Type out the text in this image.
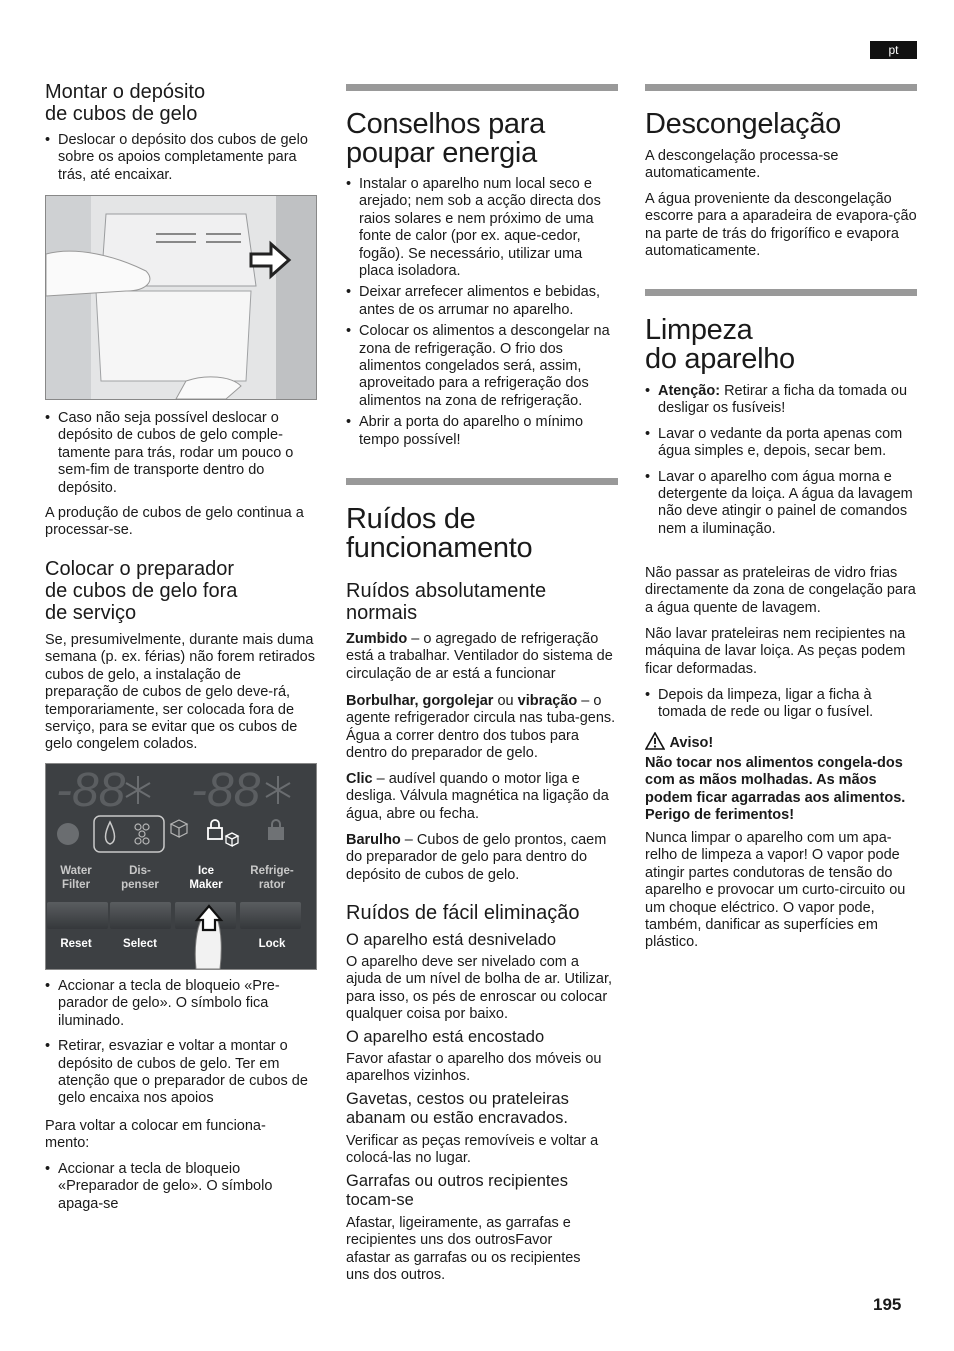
pt
Montar o depósito
de cubos de gelo
• Deslocar o depósito dos cubos de gelo sobre os apoios completamente para trás, até encaixar.
• Caso não seja possível deslocar o depósito de cubos de gelo comple-tamente para trás, rodar um pouco o sem-fim de transporte dentro do depósito.

A produção de cubos de gelo continua a processar-se.

Colocar o preparador
de cubos de gelo fora
de serviço

Se, presumivelmente, durante mais duma semana (p. ex. férias) não forem retirados cubos de gelo, a instalação de preparação de cubos de gelo deve-rá, temporariamente, ser colocada fora de serviço, para se evitar que os cubos de gelo congelem colados.

-88 -88
Water
Filter
Dis-
penser
Ice
Maker
Refrige-
rator
Reset	Select	Lock
• Accionar a tecla de bloqueio «Pre-parador de gelo». O símbolo fica iluminado.
• Retirar, esvaziar e voltar a montar o depósito de cubos de gelo. Ter em atenção que o preparador de cubos de gelo encaixa nos apoios

Para voltar a colocar em funciona-mento:

• Accionar a tecla de bloqueio «Preparador de gelo». O símbolo apaga-se
Conselhos para
poupar energia
• Instalar o aparelho num local seco e arejado; nem sob a acção directa dos raios solares e nem próximo de uma fonte de calor (por ex. aque-cedor, fogão). Se necessário, utilizar uma placa isoladora.
• Deixar arrefecer alimentos e bebidas, antes de os arrumar no aparelho.
• Colocar os alimentos a descongelar na zona de refrigeração. O frio dos alimentos congelados será, assim, aproveitado para a refrigeração dos alimentos na zona de refrigeração.
• Abrir a porta do aparelho o mínimo tempo possível!
Ruídos de
funcionamento
Ruídos absolutamente
normais

Zumbido – o agregado de refrigeração está a trabalhar. Ventilador do sistema de circulação de ar está a funcionar

Borbulhar, gorgolejar ou vibração – o agente refrigerador circula nas tuba-gens. Água a correr dentro dos tubos para dentro do preparador de gelo.

Clic – audível quando o motor liga e desliga. Válvula magnética na ligação da água, abre ou fecha.

Barulho – Cubos de gelo prontos, caem do preparador de gelo para dentro do depósito de cubos de gelo.

Ruídos de fácil eliminação
O aparelho está desnivelado

O aparelho deve ser nivelado com a ajuda de um nível de bolha de ar. Utilizar, para isso, os pés de enroscar ou colocar qualquer coisa por baixo.

O aparelho está encostado

Favor afastar o aparelho dos móveis ou aparelhos vizinhos.

Gavetas, cestos ou prateleiras abanam ou estão encravados.

Verificar as peças removíveis e voltar a colocá-las no lugar.

Garrafas ou outros recipientes tocam-se

Afastar, ligeiramente, as garrafas e recipientes uns dos outrosFavor afastar as garrafas ou os recipientes uns dos outros.

Descongelação

A descongelação processa-se automaticamente.

A água proveniente da descongelação escorre para a aparadeira de evapora-ção na parte de trás do frigorífico e evapora automaticamente.

Limpeza
do aparelho
• Atenção: Retirar a ficha da tomada ou desligar os fusíveis!
• Lavar o vedante da porta apenas com água simples e, depois, secar bem.
• Lavar o aparelho com água morna e detergente da loiça. A água da lavagem não deve atingir o painel de comandos nem a iluminação.

Não passar as prateleiras de vidro frias directamente da zona de congelação para a água quente de lavagem.

Não lavar prateleiras nem recipientes na máquina de lavar loiça. As peças podem ficar deformadas.

• Depois da limpeza, ligar a ficha à tomada de rede ou ligar o fusível.
Aviso!

Não tocar nos alimentos congela-dos com as mãos molhadas. As mãos podem ficar agarradas aos alimentos. Perigo de ferimentos!

Nunca limpar o aparelho com um apa-relho de limpeza a vapor! O vapor pode atingir partes condutoras de tensão do aparelho e provocar um curto-circuito ou um choque eléctrico. O vapor pode, também, danificar as superfícies em plástico.

195
